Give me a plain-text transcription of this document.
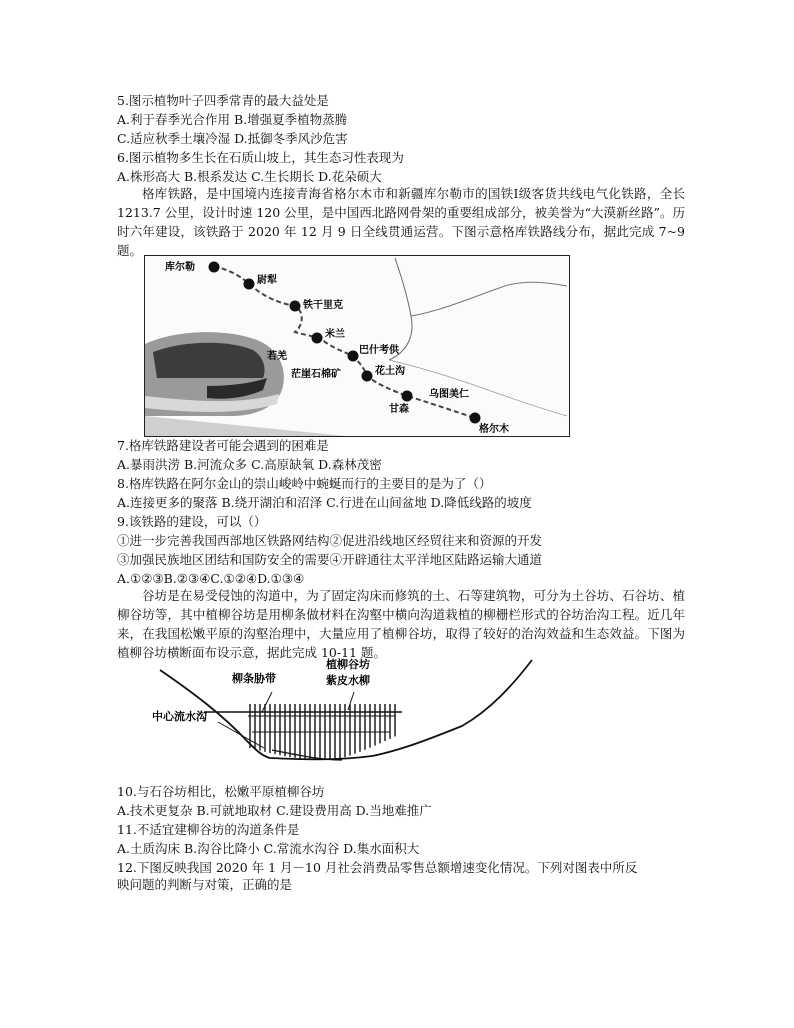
5.图示植物叶子四季常青的最大益处是
A.利于春季光合作用 B.增强夏季植物蒸腾
C.适应秋季土壤冷湿 D.抵御冬季风沙危害
6.图示植物多生长在石质山坡上，其生态习性表现为
A.株形高大 B.根系发达 C.生长期长 D.花朵硕大
格库铁路，是中国境内连接青海省格尔木市和新疆库尔勒市的国铁Ⅰ级客货共线电气化铁路，全长 1213.7 公里，设计时速 120 公里，是中国西北路网骨架的重要组成部分，被美誉为“大漠新丝路”。历时六年建设，该铁路于 2020 年 12 月 9 日全线贯通运营。下图示意格库铁路线分布，据此完成 7~9 题。
库尔勒
尉犁
铁干里克
米兰
若羌
巴什考供
茫崖石棉矿	花土沟
乌图美仁
甘森
格尔木
7.格库铁路建设者可能会遇到的困难是
A.暴雨洪涝 B.河流众多 C.高原缺氧 D.森林茂密
8.格库铁路在阿尔金山的崇山峻岭中蜿蜒而行的主要目的是为了（）
A.连接更多的聚落 B.绕开湖泊和沼泽 C.行进在山间盆地 D.降低线路的坡度
9.该铁路的建设，可以（）
①进一步完善我国西部地区铁路网结构②促进沿线地区经贸往来和资源的开发
③加强民族地区团结和国防安全的需要④开辟通往太平洋地区陆路运输大通道
A.①②③B.②③④C.①②④D.①③④
谷坊是在易受侵蚀的沟道中，为了固定沟床而修筑的土、石等建筑物，可分为土谷坊、石谷坊、植柳谷坊等，其中植柳谷坊是用柳条做材料在沟壑中横向沟道栽植的柳栅栏形式的谷坊治沟工程。近几年来，在我国松嫩平原的沟壑治理中，大量应用了植柳谷坊，取得了较好的治沟效益和生态效益。下图为植柳谷坊横断面布设示意，据此完成 10-11 题。
柳条胁带
植柳谷坊
紫皮水柳
中心流水沟
10.与石谷坊相比，松嫩平原植柳谷坊
A.技术更复杂 B.可就地取材 C.建设费用高 D.当地难推广
11.不适宜建柳谷坊的沟道条件是
A.土质沟床 B.沟谷比降小 C.常流水沟谷 D.集水面积大
12.下图反映我国 2020 年 1 月－10 月社会消费品零售总额增速变化情况。下列对图表中所反
映问题的判断与对策，正确的是
